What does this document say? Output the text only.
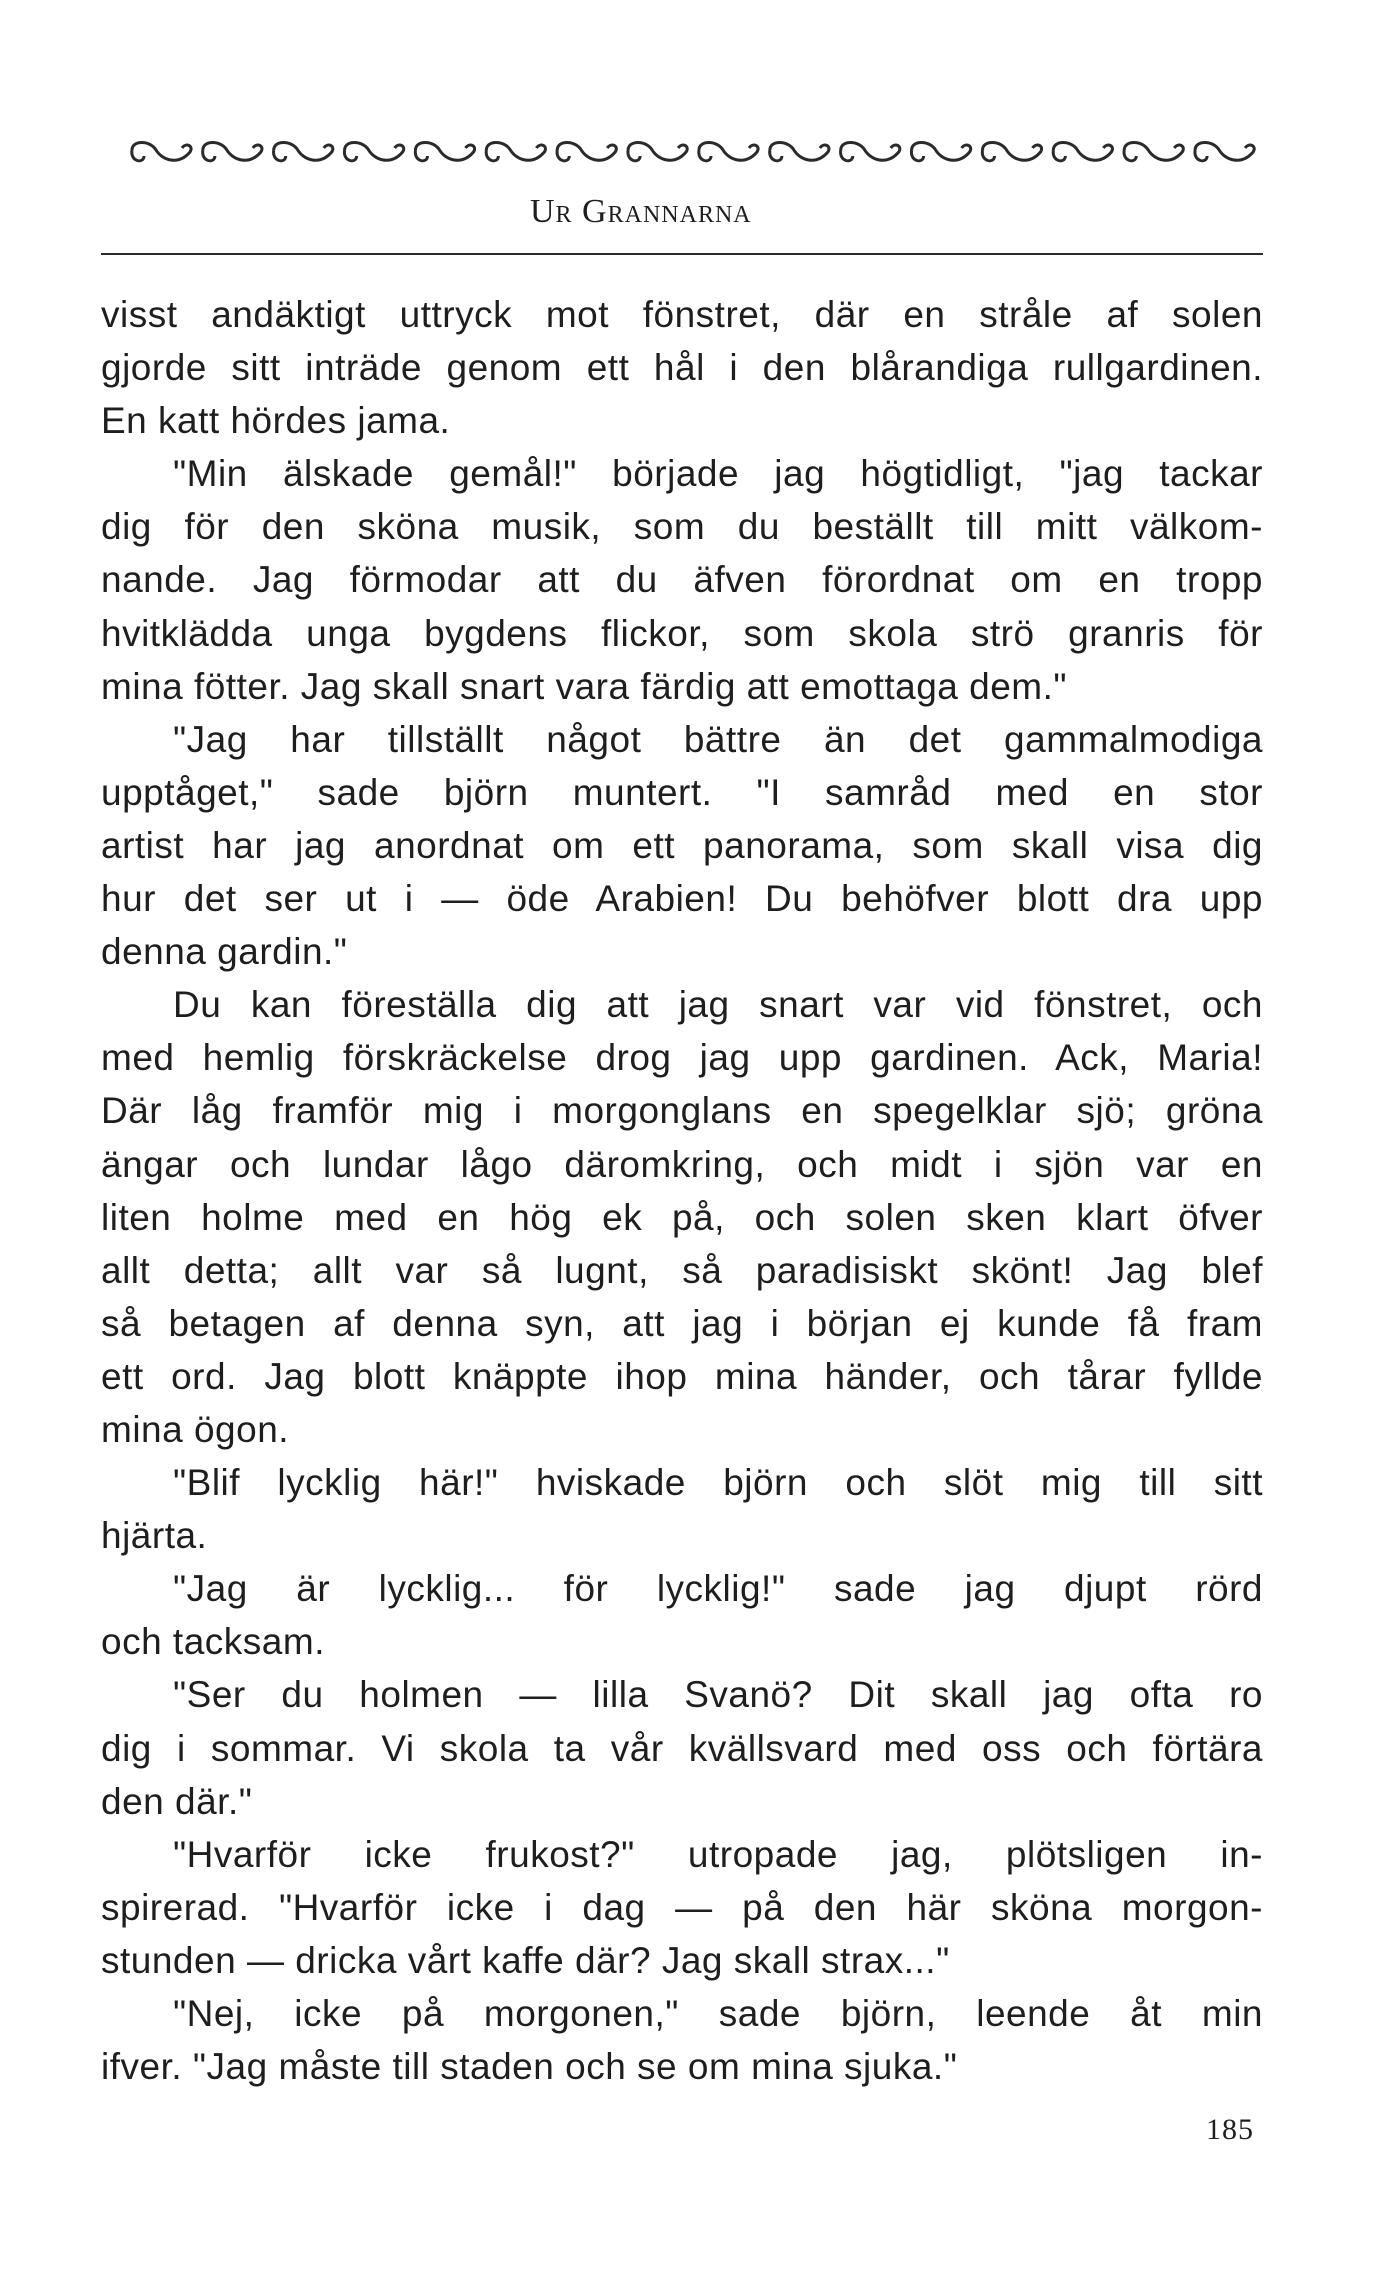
Ur Grannarna
visst andäktigt uttryck mot fönstret, där en stråle af solen
gjorde sitt inträde genom ett hål i den blårandiga rullgardinen.
En katt hördes jama.
"Min älskade gemål!" började jag högtidligt, "jag tackar
dig för den sköna musik, som du beställt till mitt välkom-
nande. Jag förmodar att du äfven förordnat om en tropp
hvitklädda unga bygdens flickor, som skola strö granris för
mina fötter. Jag skall snart vara färdig att emottaga dem."
"Jag har tillställt något bättre än det gammalmodiga
upptåget," sade björn muntert. "I samråd med en stor
artist har jag anordnat om ett panorama, som skall visa dig
hur det ser ut i — öde Arabien! Du behöfver blott dra upp
denna gardin."
Du kan föreställa dig att jag snart var vid fönstret, och
med hemlig förskräckelse drog jag upp gardinen. Ack, Maria!
Där låg framför mig i morgonglans en spegelklar sjö; gröna
ängar och lundar lågo däromkring, och midt i sjön var en
liten holme med en hög ek på, och solen sken klart öfver
allt detta; allt var så lugnt, så paradisiskt skönt! Jag blef
så betagen af denna syn, att jag i början ej kunde få fram
ett ord. Jag blott knäppte ihop mina händer, och tårar fyllde
mina ögon.
"Blif lycklig här!" hviskade björn och slöt mig till sitt
hjärta.
"Jag är lycklig... för lycklig!" sade jag djupt rörd
och tacksam.
"Ser du holmen — lilla Svanö? Dit skall jag ofta ro
dig i sommar. Vi skola ta vår kvällsvard med oss och förtära
den där."
"Hvarför icke frukost?" utropade jag, plötsligen in-
spirerad. "Hvarför icke i dag — på den här sköna morgon-
stunden — dricka vårt kaffe där? Jag skall strax..."
"Nej, icke på morgonen," sade björn, leende åt min
ifver. "Jag måste till staden och se om mina sjuka."
185
